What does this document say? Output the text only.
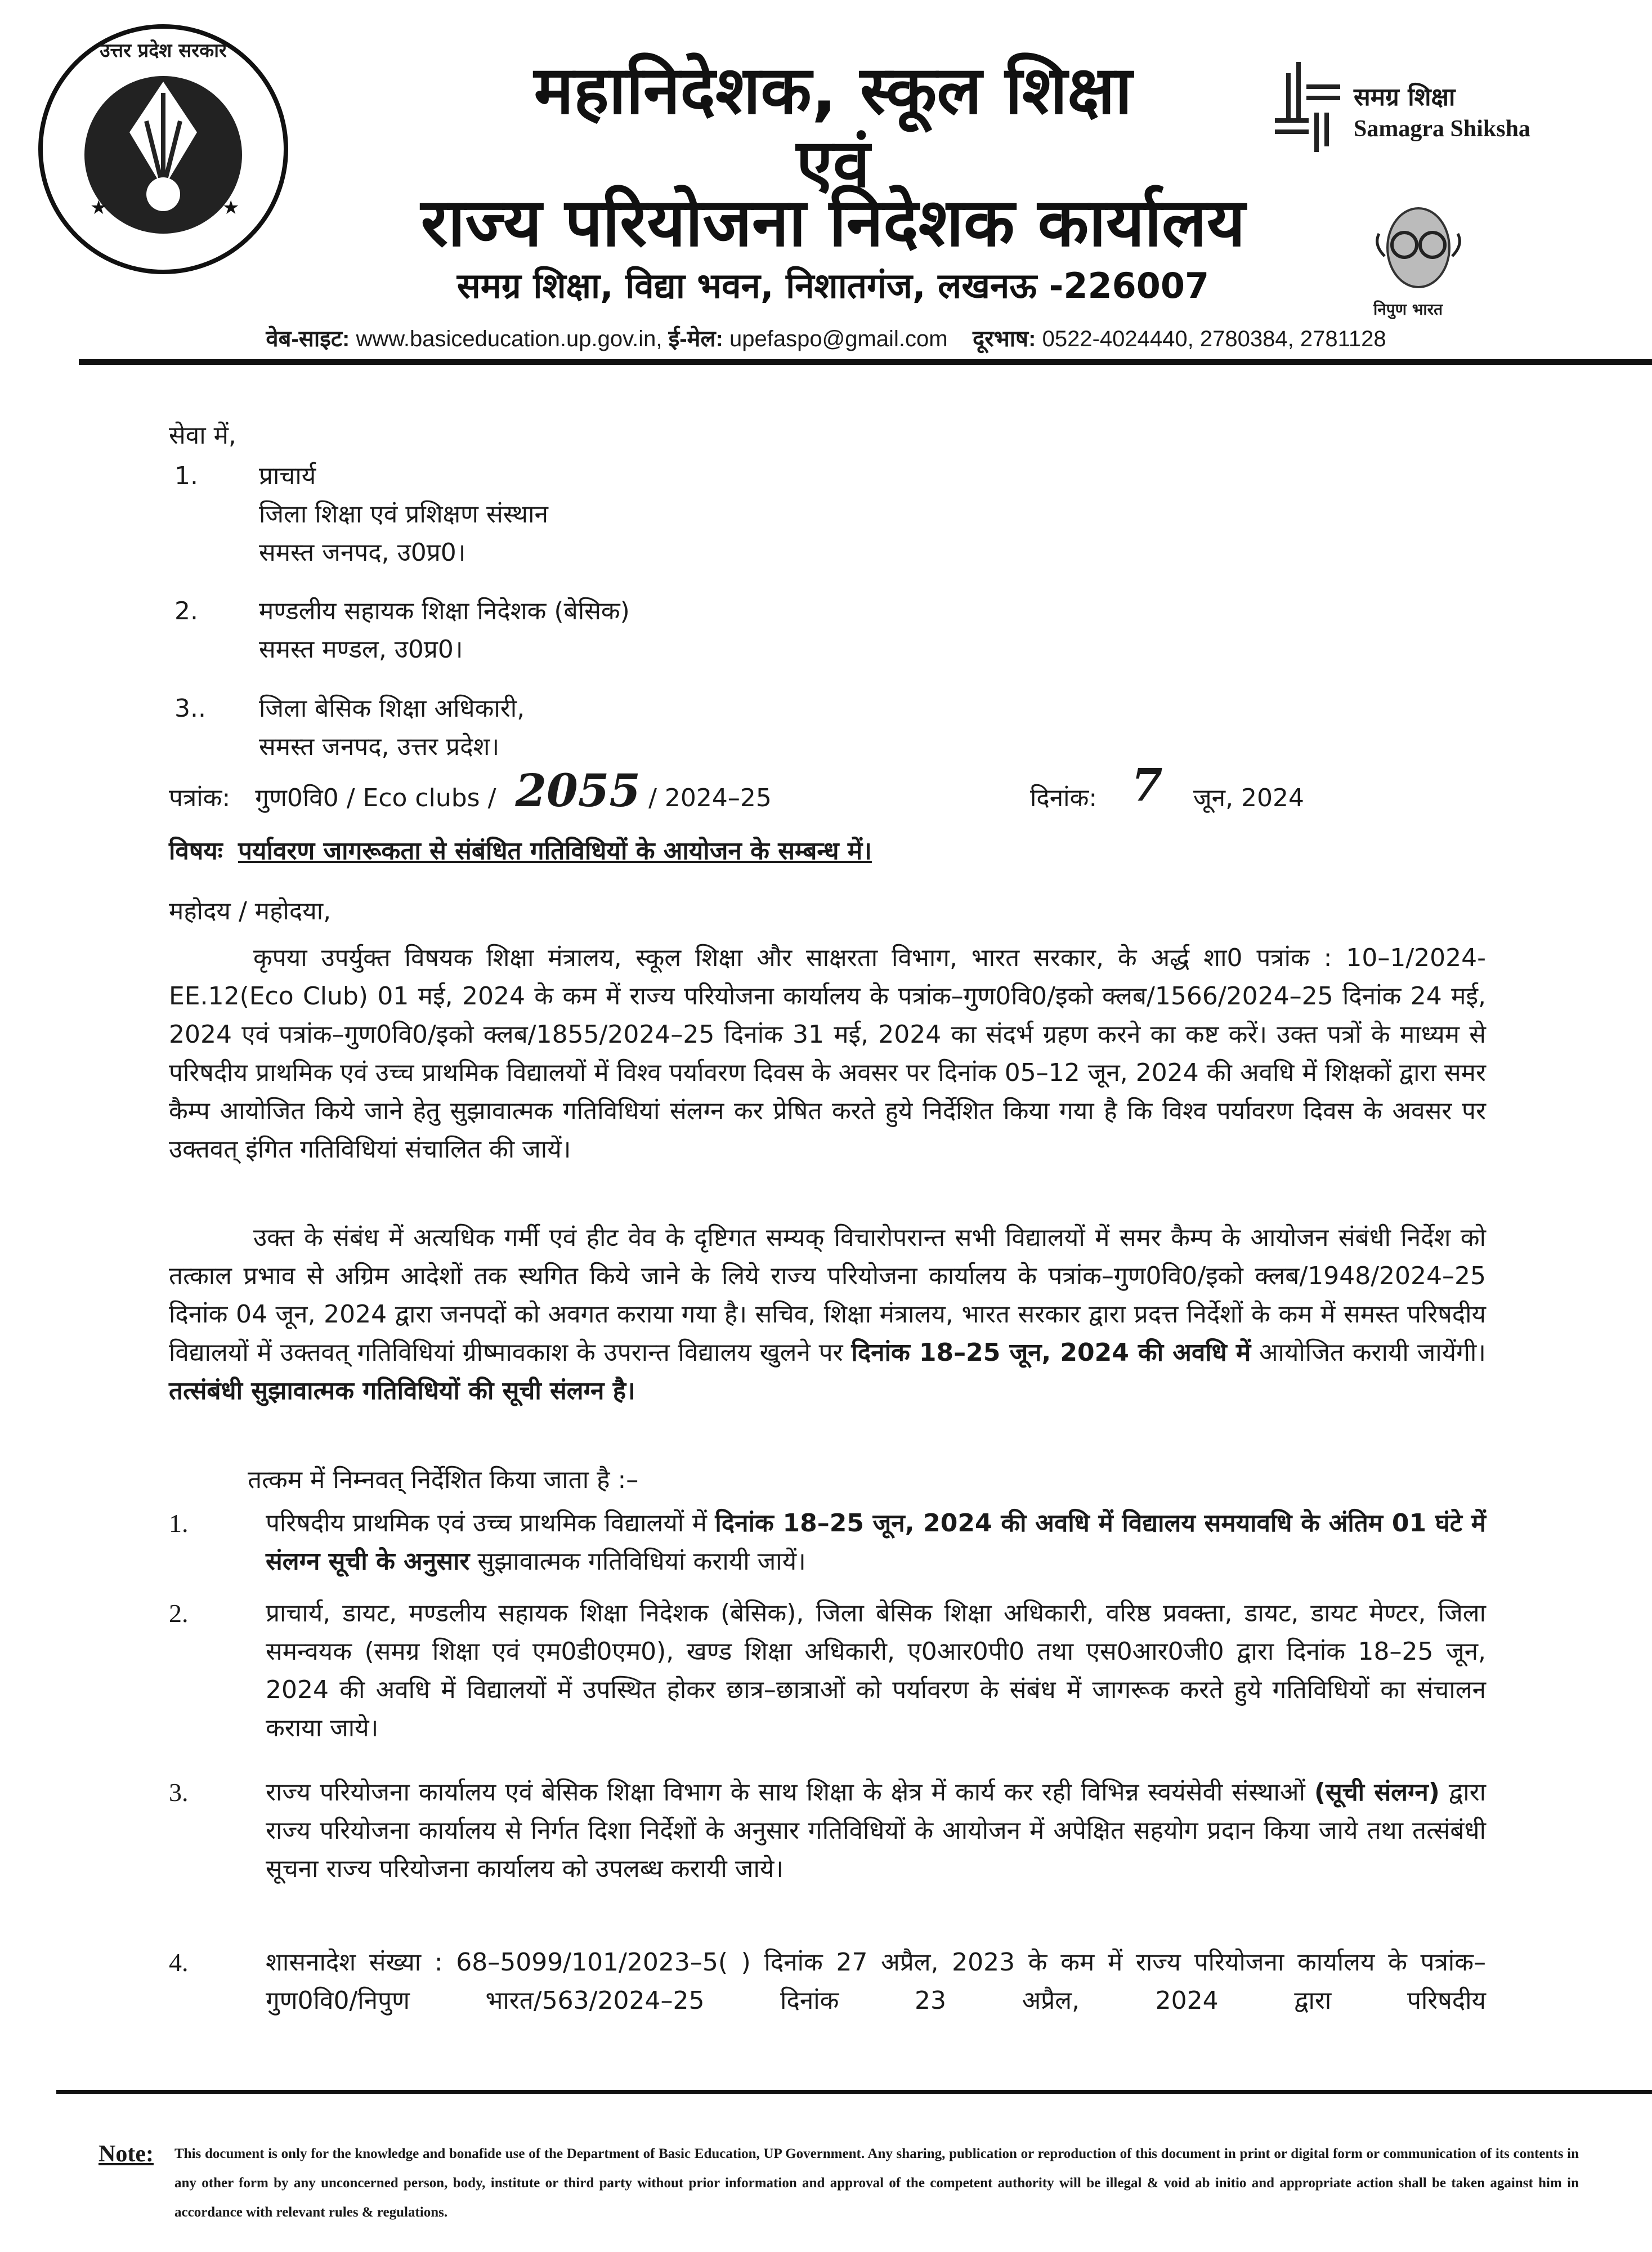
★	★
उत्तर प्रदेश सरकार
महानिदेशक, स्कूल शिक्षा
एवं
राज्य परियोजना निदेशक कार्यालय
समग्र शिक्षा, विद्या भवन, निशातगंज, लखनऊ -226007
समग्र शिक्षा
Samagra Shiksha
निपुण भारत
वेब-साइट: www.basiceducation.up.gov.in, ई-मेल: upefaspo@gmail.com दूरभाष: 0522-4024440, 2780384, 2781128
सेवा में,
1. प्राचार्य
जिला शिक्षा एवं प्रशिक्षण संस्थान
समस्त जनपद, उ0प्र0।
2. मण्डलीय सहायक शिक्षा निदेशक (बेसिक)
समस्त मण्डल, उ0प्र0।
3.. जिला बेसिक शिक्षा अधिकारी,
समस्त जनपद, उत्तर प्रदेश।
पत्रांक: गुण0वि0 / Eco clubs / 2055 / 2024–25	दिनांक: 7 जून, 2024
विषयः पर्यावरण जागरूकता से संबंधित गतिविधियों के आयोजन के सम्बन्ध में।
महोदय / महोदया,
कृपया उपर्युक्त विषयक शिक्षा मंत्रालय, स्कूल शिक्षा और साक्षरता विभाग, भारत सरकार, के अर्द्ध शा0 पत्रांक : 10–1/2024-EE.12(Eco Club) 01 मई, 2024 के कम में राज्य परियोजना कार्यालय के पत्रांक–गुण0वि0/इको क्लब/1566/2024–25 दिनांक 24 मई, 2024 एवं पत्रांक–गुण0वि0/इको क्लब/1855/2024–25 दिनांक 31 मई, 2024 का संदर्भ ग्रहण करने का कष्ट करें। उक्त पत्रों के माध्यम से परिषदीय प्राथमिक एवं उच्च प्राथमिक विद्यालयों में विश्व पर्यावरण दिवस के अवसर पर दिनांक 05–12 जून, 2024 की अवधि में शिक्षकों द्वारा समर कैम्प आयोजित किये जाने हेतु सुझावात्मक गतिविधियां संलग्न कर प्रेषित करते हुये निर्देशित किया गया है कि विश्व पर्यावरण दिवस के अवसर पर उक्तवत् इंगित गतिविधियां संचालित की जायें।
उक्त के संबंध में अत्यधिक गर्मी एवं हीट वेव के दृष्टिगत सम्यक् विचारोपरान्त सभी विद्यालयों में समर कैम्प के आयोजन संबंधी निर्देश को तत्काल प्रभाव से अग्रिम आदेशों तक स्थगित किये जाने के लिये राज्य परियोजना कार्यालय के पत्रांक–गुण0वि0/इको क्लब/1948/2024–25 दिनांक 04 जून, 2024 द्वारा जनपदों को अवगत कराया गया है। सचिव, शिक्षा मंत्रालय, भारत सरकार द्वारा प्रदत्त निर्देशों के कम में समस्त परिषदीय विद्यालयों में उक्तवत् गतिविधियां ग्रीष्मावकाश के उपरान्त विद्यालय खुलने पर दिनांक 18–25 जून, 2024 की अवधि में आयोजित करायी जायेंगी। तत्संबंधी सुझावात्मक गतिविधियों की सूची संलग्न है।
तत्कम में निम्नवत् निर्देशित किया जाता है :–
1.	परिषदीय प्राथमिक एवं उच्च प्राथमिक विद्यालयों में दिनांक 18–25 जून, 2024 की अवधि में विद्यालय समयावधि के अंतिम 01 घंटे में संलग्न सूची के अनुसार सुझावात्मक गतिविधियां करायी जायें।
2.	प्राचार्य, डायट, मण्डलीय सहायक शिक्षा निदेशक (बेसिक), जिला बेसिक शिक्षा अधिकारी, वरिष्ठ प्रवक्ता, डायट, डायट मेण्टर, जिला समन्वयक (समग्र शिक्षा एवं एम0डी0एम0), खण्ड शिक्षा अधिकारी, ए0आर0पी0 तथा एस0आर0जी0 द्वारा दिनांक 18–25 जून, 2024 की अवधि में विद्यालयों में उपस्थित होकर छात्र–छात्राओं को पर्यावरण के संबंध में जागरूक करते हुये गतिविधियों का संचालन कराया जाये।
3.	राज्य परियोजना कार्यालय एवं बेसिक शिक्षा विभाग के साथ शिक्षा के क्षेत्र में कार्य कर रही विभिन्न स्वयंसेवी संस्थाओं (सूची संलग्न) द्वारा राज्य परियोजना कार्यालय से निर्गत दिशा निर्देशों के अनुसार गतिविधियों के आयोजन में अपेक्षित सहयोग प्रदान किया जाये तथा तत्संबंधी सूचना राज्य परियोजना कार्यालय को उपलब्ध करायी जाये।
4.	शासनादेश संख्या : 68–5099/101/2023–5( ) दिनांक 27 अप्रैल, 2023 के कम में राज्य परियोजना कार्यालय के पत्रांक–गुण0वि0/निपुण भारत/563/2024–25 दिनांक 23 अप्रैल, 2024 द्वारा परिषदीय
Note: This document is only for the knowledge and bonafide use of the Department of Basic Education, UP Government. Any sharing, publication or reproduction of this document in print or digital form or communication of its contents in any other form by any unconcerned person, body, institute or third party without prior information and approval of the competent authority will be illegal & void ab initio and appropriate action shall be taken against him in accordance with relevant rules & regulations.
